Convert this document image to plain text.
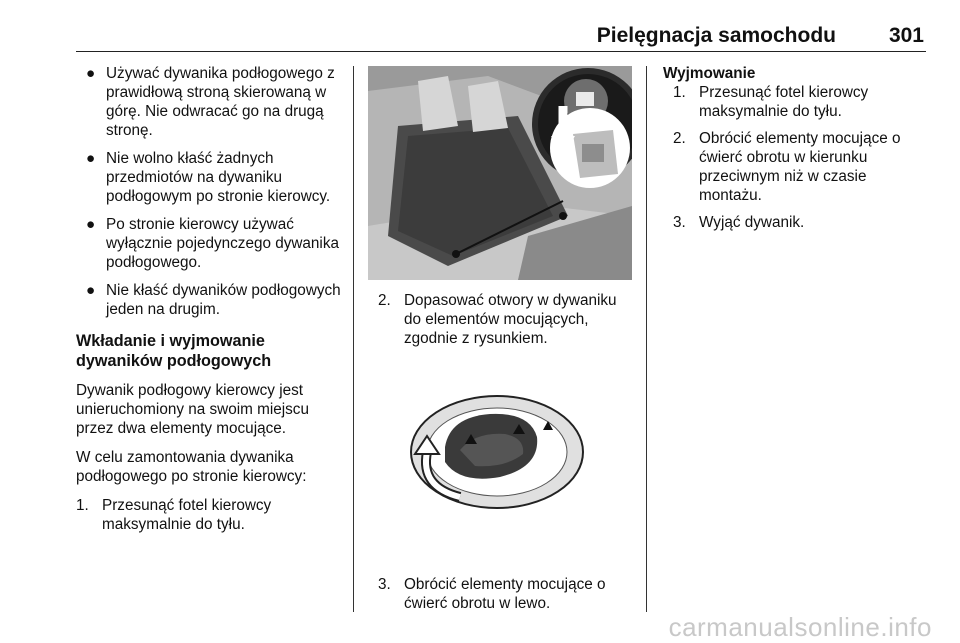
Pielęgnacja samochodu	301
● Używać dywanika podłogowego z prawidłową stroną skierowaną w górę. Nie odwracać go na drugą stronę.
● Nie wolno kłaść żadnych przedmiotów na dywaniku podłogowym po stronie kierowcy.
● Po stronie kierowcy używać wyłącznie pojedynczego dywanika podłogowego.
● Nie kłaść dywaników podłogowych jeden na drugim.
Wkładanie i wyjmowanie dywaników podłogowych

Dywanik podłogowy kierowcy jest unieruchomiony na swoim miejscu przez dwa elementy mocujące.

W celu zamontowania dywanika podłogowego po stronie kierowcy:

1. Przesunąć fotel kierowcy maksymalnie do tyłu.
2. Dopasować otwory w dywaniku do elementów mocujących, zgodnie z rysunkiem.
3. Obrócić elementy mocujące o ćwierć obrotu w lewo.
Wyjmowanie
1. Przesunąć fotel kierowcy maksymalnie do tyłu.
2. Obrócić elementy mocujące o ćwierć obrotu w kierunku przeciwnym niż w czasie montażu.
3. Wyjąć dywanik.
carmanualsonline.info
